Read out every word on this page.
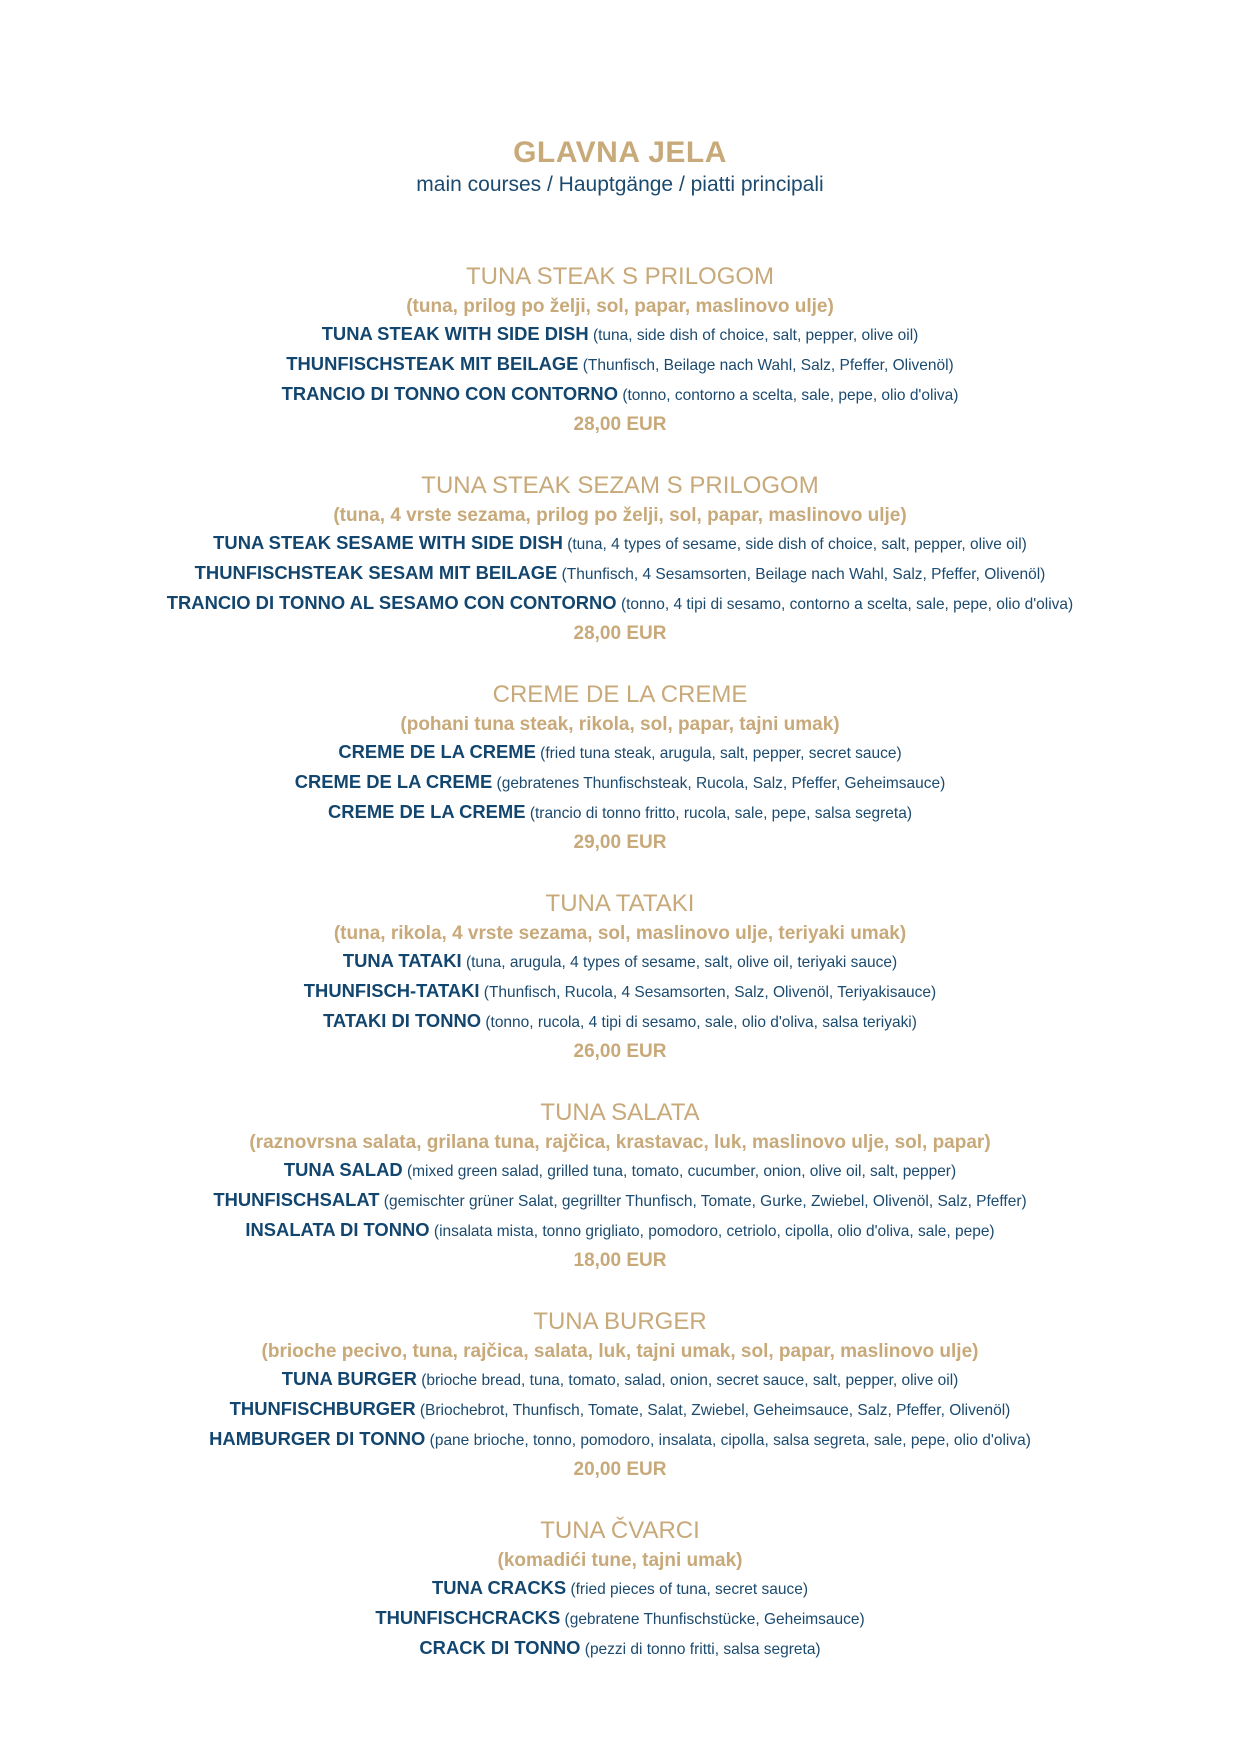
GLAVNA JELA
main courses / Hauptgänge / piatti principali
TUNA STEAK S PRILOGOM
(tuna, prilog po želji, sol, papar, maslinovo ulje)
TUNA STEAK WITH SIDE DISH (tuna, side dish of choice, salt, pepper, olive oil)
THUNFISCHSTEAK MIT BEILAGE (Thunfisch, Beilage nach Wahl, Salz, Pfeffer, Olivenöl)
TRANCIO DI TONNO CON CONTORNO (tonno, contorno a scelta, sale, pepe, olio d'oliva)
28,00 EUR
TUNA STEAK SEZAM S PRILOGOM
(tuna, 4 vrste sezama, prilog po želji, sol, papar, maslinovo ulje)
TUNA STEAK SESAME WITH SIDE DISH (tuna, 4 types of sesame, side dish of choice, salt, pepper, olive oil)
THUNFISCHSTEAK SESAM MIT BEILAGE (Thunfisch, 4 Sesamsorten, Beilage nach Wahl, Salz, Pfeffer, Olivenöl)
TRANCIO DI TONNO AL SESAMO CON CONTORNO (tonno, 4 tipi di sesamo, contorno a scelta, sale, pepe, olio d'oliva)
28,00 EUR
CREME DE LA CREME
(pohani tuna steak, rikola, sol, papar, tajni umak)
CREME DE LA CREME (fried tuna steak, arugula, salt, pepper, secret sauce)
CREME DE LA CREME (gebratenes Thunfischsteak, Rucola, Salz, Pfeffer, Geheimsauce)
CREME DE LA CREME (trancio di tonno fritto, rucola, sale, pepe, salsa segreta)
29,00 EUR
TUNA TATAKI
(tuna, rikola, 4 vrste sezama, sol, maslinovo ulje, teriyaki umak)
TUNA TATAKI (tuna, arugula, 4 types of sesame, salt, olive oil, teriyaki sauce)
THUNFISCH-TATAKI (Thunfisch, Rucola, 4 Sesamsorten, Salz, Olivenöl, Teriyakisauce)
TATAKI DI TONNO (tonno, rucola, 4 tipi di sesamo, sale, olio d'oliva, salsa teriyaki)
26,00 EUR
TUNA SALATA
(raznovrsna salata, grilana tuna, rajčica, krastavac, luk, maslinovo ulje, sol, papar)
TUNA SALAD (mixed green salad, grilled tuna, tomato, cucumber, onion, olive oil, salt, pepper)
THUNFISCHSALAT (gemischter grüner Salat, gegrillter Thunfisch, Tomate, Gurke, Zwiebel, Olivenöl, Salz, Pfeffer)
INSALATA DI TONNO (insalata mista, tonno grigliato, pomodoro, cetriolo, cipolla, olio d'oliva, sale, pepe)
18,00 EUR
TUNA BURGER
(brioche pecivo, tuna, rajčica, salata, luk, tajni umak, sol, papar, maslinovo ulje)
TUNA BURGER (brioche bread, tuna, tomato, salad, onion, secret sauce, salt, pepper, olive oil)
THUNFISCHBURGER (Briochebrot, Thunfisch, Tomate, Salat, Zwiebel, Geheimsauce, Salz, Pfeffer, Olivenöl)
HAMBURGER DI TONNO (pane brioche, tonno, pomodoro, insalata, cipolla, salsa segreta, sale, pepe, olio d'oliva)
20,00 EUR
TUNA ČVARCI
(komadići tune, tajni umak)
TUNA CRACKS (fried pieces of tuna, secret sauce)
THUNFISCHCRACKS (gebratene Thunfischstücke, Geheimsauce)
CRACK DI TONNO (pezzi di tonno fritti, salsa segreta)
